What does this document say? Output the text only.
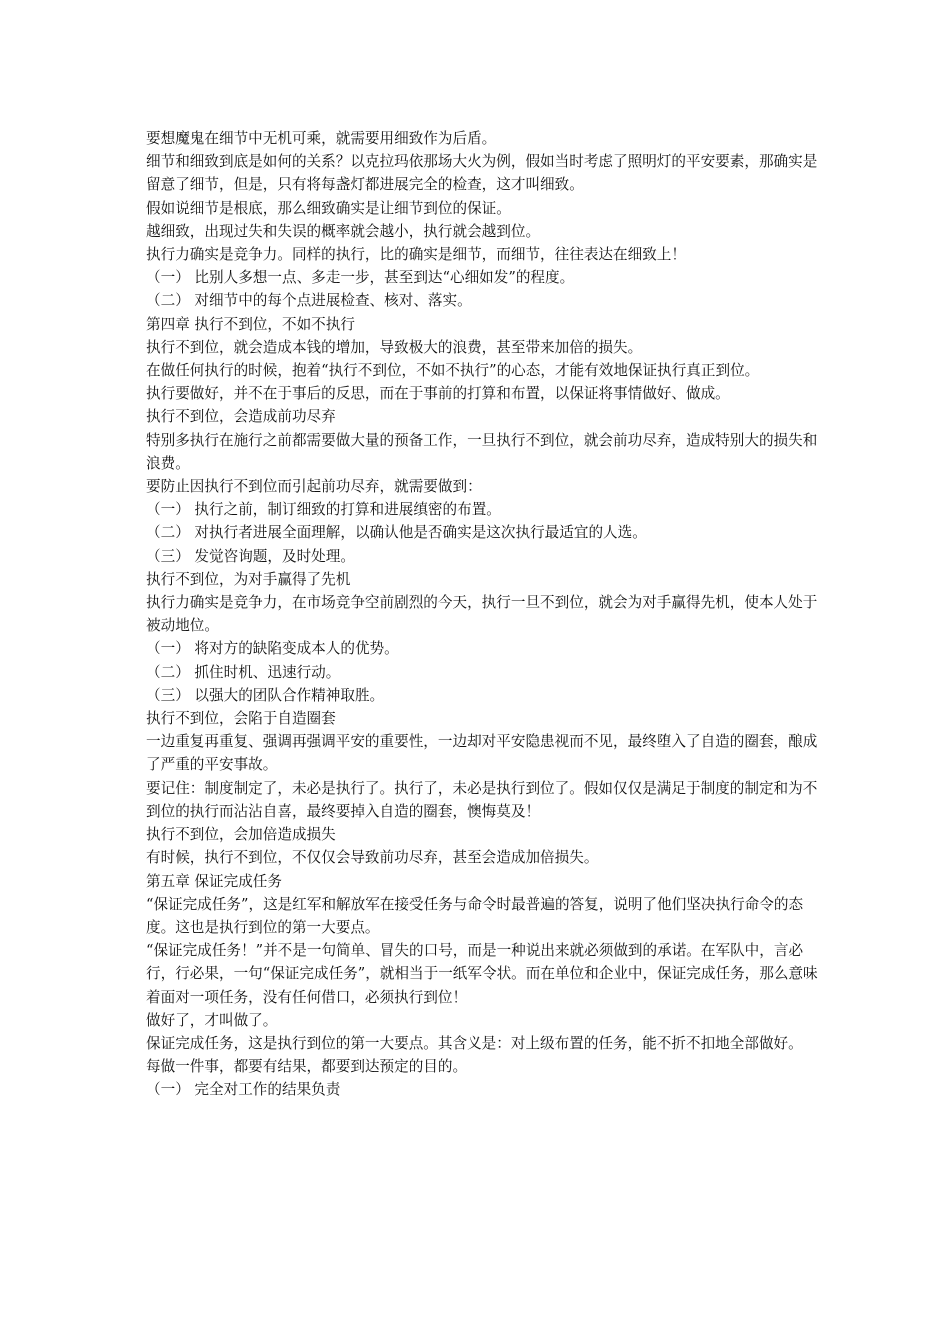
要想魔鬼在细节中无机可乘，就需要用细致作为后盾。

细节和细致到底是如何的关系？以克拉玛依那场大火为例，假如当时考虑了照明灯的平安要素，那确实是留意了细节，但是，只有将每盏灯都进展完全的检查，这才叫细致。

假如说细节是根底，那么细致确实是让细节到位的保证。

越细致，出现过失和失误的概率就会越小，执行就会越到位。

执行力确实是竞争力。同样的执行，比的确实是细节，而细节，往往表达在细致上！

（一） 比别人多想一点、多走一步，甚至到达“心细如发”的程度。

（二） 对细节中的每个点进展检查、核对、落实。

第四章 执行不到位，不如不执行

执行不到位，就会造成本钱的增加，导致极大的浪费，甚至带来加倍的损失。

在做任何执行的时候，抱着“执行不到位，不如不执行”的心态，才能有效地保证执行真正到位。

执行要做好，并不在于事后的反思，而在于事前的打算和布置，以保证将事情做好、做成。

执行不到位，会造成前功尽弃

特别多执行在施行之前都需要做大量的预备工作，一旦执行不到位，就会前功尽弃，造成特别大的损失和浪费。

要防止因执行不到位而引起前功尽弃，就需要做到：

（一） 执行之前，制订细致的打算和进展缜密的布置。

（二） 对执行者进展全面理解，以确认他是否确实是这次执行最适宜的人选。

（三） 发觉咨询题，及时处理。

执行不到位，为对手赢得了先机

执行力确实是竞争力，在市场竞争空前剧烈的今天，执行一旦不到位，就会为对手赢得先机，使本人处于被动地位。

（一） 将对方的缺陷变成本人的优势。

（二） 抓住时机、迅速行动。

（三） 以强大的团队合作精神取胜。

执行不到位，会陷于自造圈套

一边重复再重复、强调再强调平安的重要性，一边却对平安隐患视而不见，最终堕入了自造的圈套，酿成了严重的平安事故。

要记住：制度制定了，未必是执行了。执行了，未必是执行到位了。假如仅仅是满足于制度的制定和为不到位的执行而沾沾自喜，最终要掉入自造的圈套，懊悔莫及！

执行不到位，会加倍造成损失

有时候，执行不到位，不仅仅会导致前功尽弃，甚至会造成加倍损失。

第五章 保证完成任务

“保证完成任务”，这是红军和解放军在接受任务与命令时最普遍的答复，说明了他们坚决执行命令的态度。这也是执行到位的第一大要点。

“保证完成任务！”并不是一句简单、冒失的口号，而是一种说出来就必须做到的承诺。在军队中，言必行，行必果，一句“保证完成任务”，就相当于一纸军令状。而在单位和企业中，保证完成任务，那么意味着面对一项任务，没有任何借口，必须执行到位！

做好了，才叫做了。

保证完成任务，这是执行到位的第一大要点。其含义是：对上级布置的任务，能不折不扣地全部做好。

每做一件事，都要有结果，都要到达预定的目的。

（一） 完全对工作的结果负责
